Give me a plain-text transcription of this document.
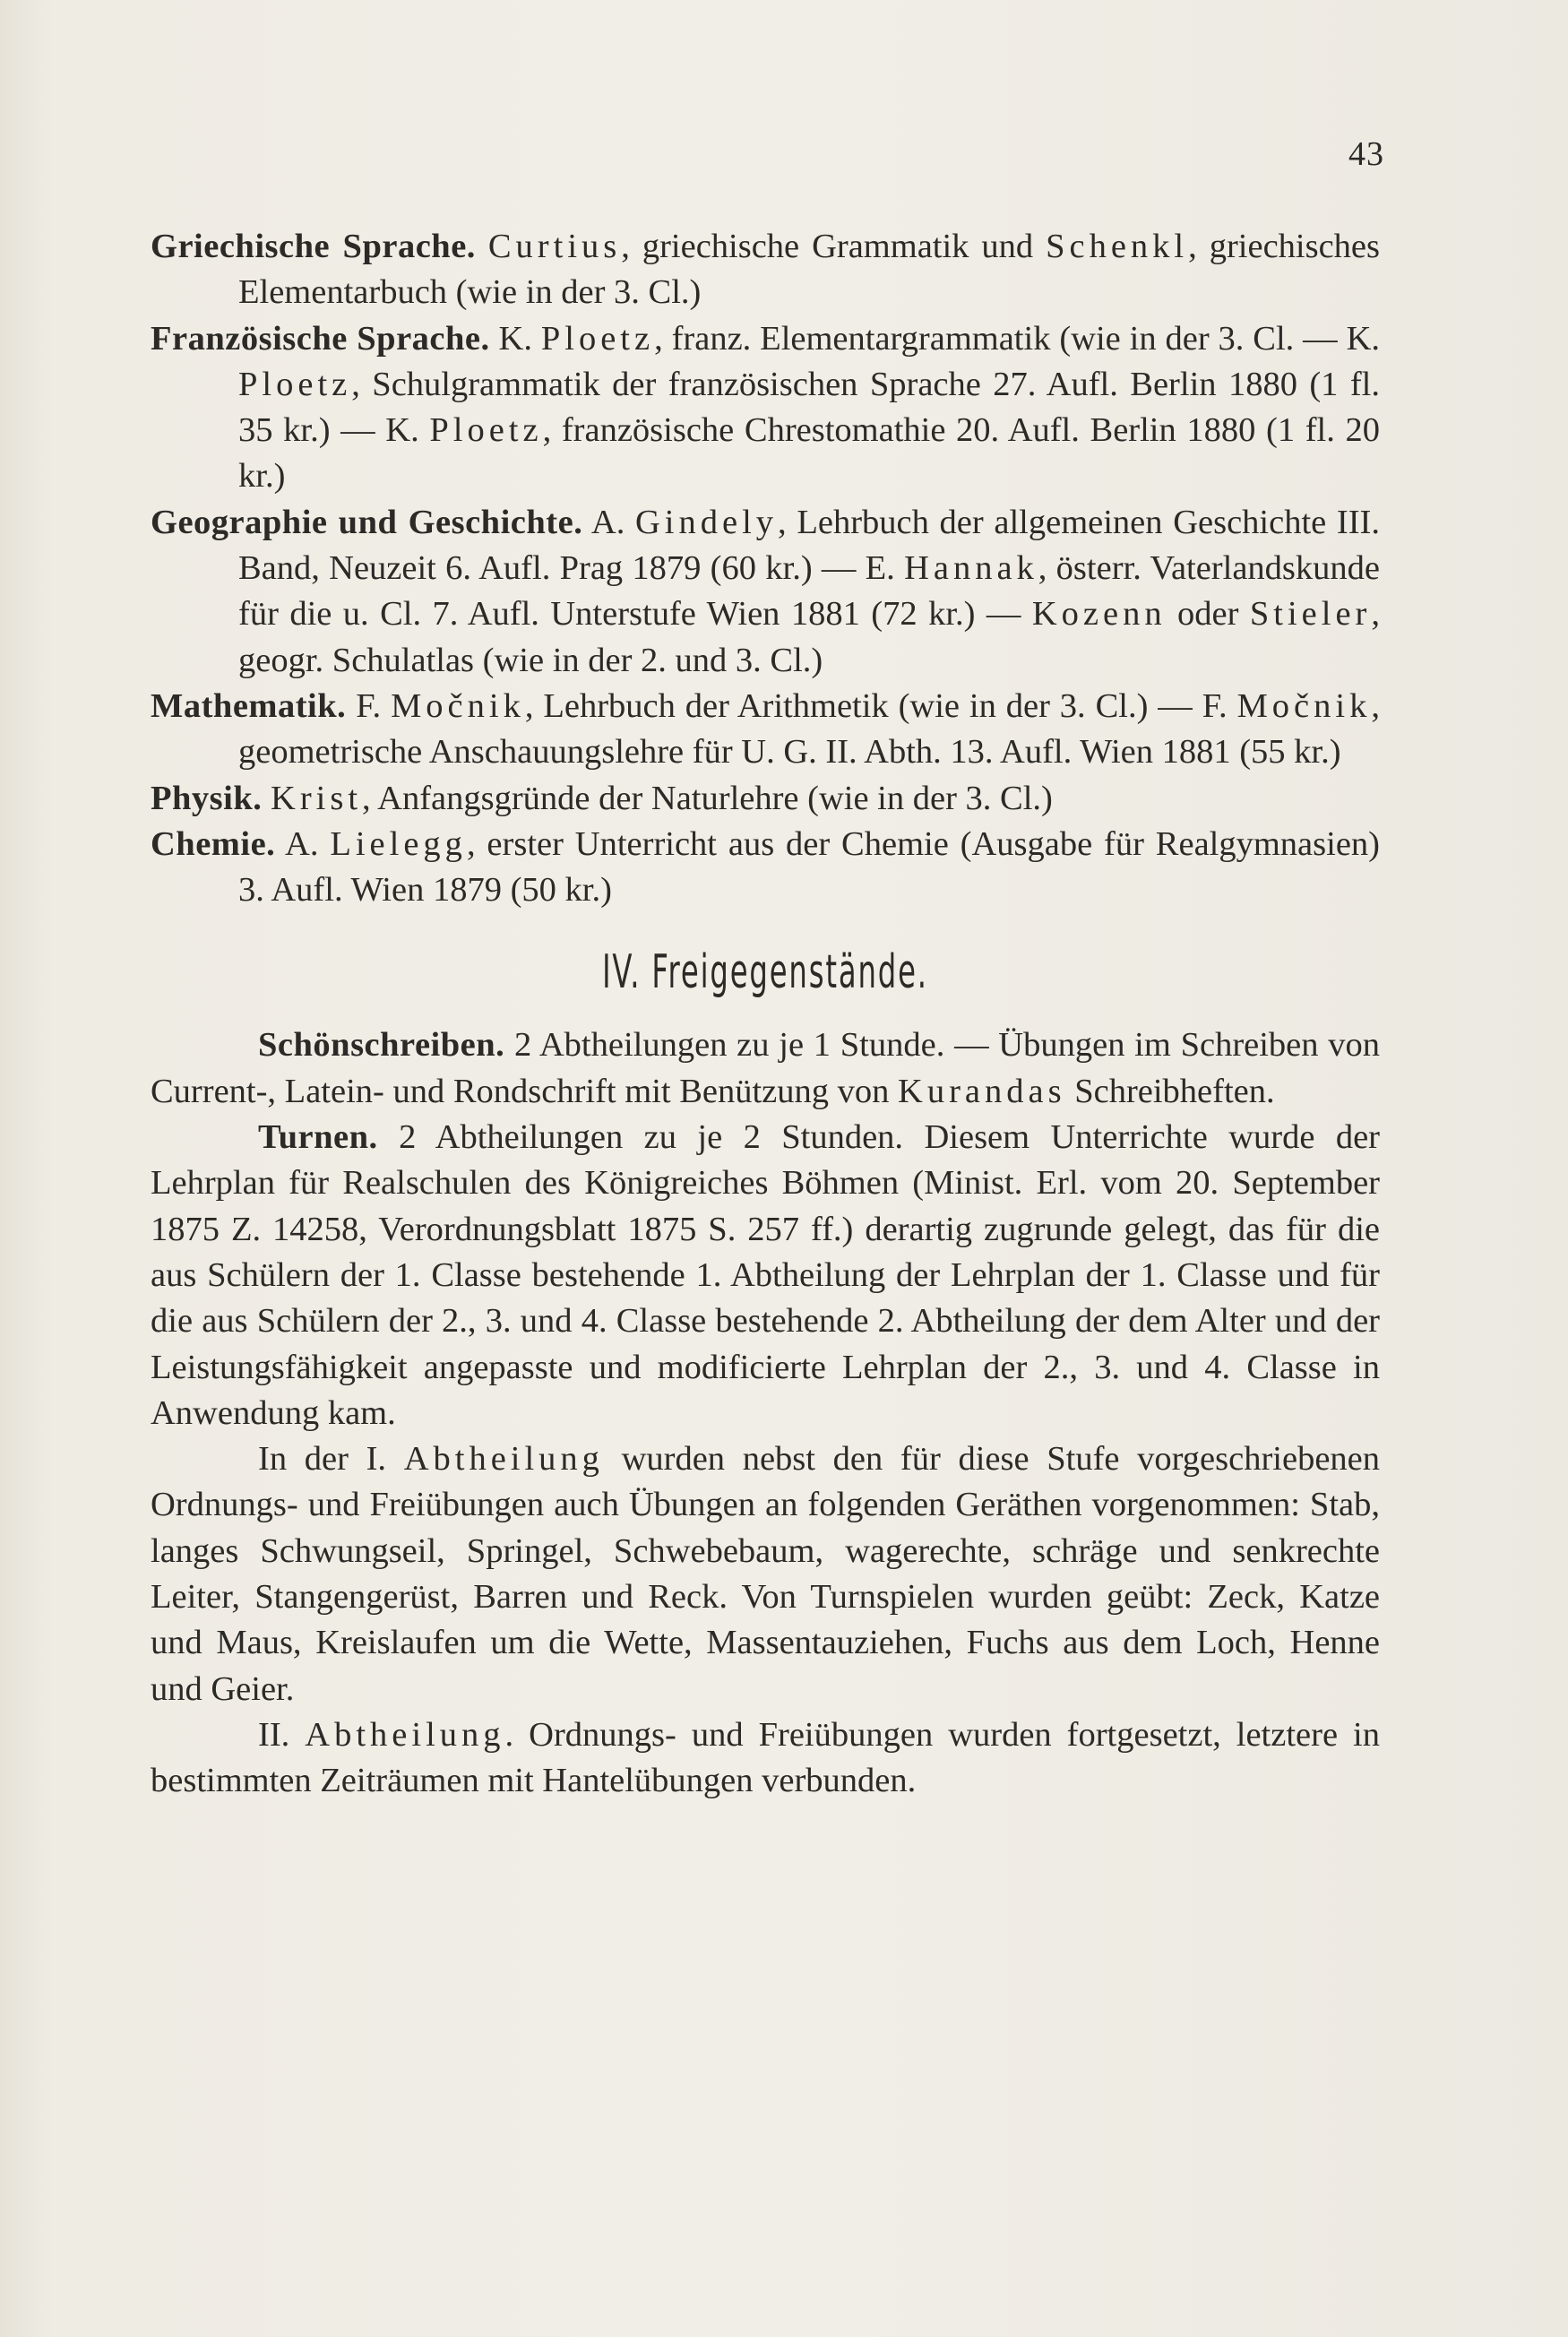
43

Griechische Sprache. Curtius, griechische Grammatik und Schenkl, griechisches Elementarbuch (wie in der 3. Cl.)

Französische Sprache. K. Ploetz, franz. Elementargrammatik (wie in der 3. Cl. — K. Ploetz, Schulgrammatik der französischen Sprache 27. Aufl. Berlin 1880 (1 fl. 35 kr.) — K. Ploetz, französische Chrestomathie 20. Aufl. Berlin 1880 (1 fl. 20 kr.)

Geographie und Geschichte. A. Gindely, Lehrbuch der allgemeinen Geschichte III. Band, Neuzeit 6. Aufl. Prag 1879 (60 kr.) — E. Hannak, österr. Vaterlandskunde für die u. Cl. 7. Aufl. Unterstufe Wien 1881 (72 kr.) — Kozenn oder Stieler, geogr. Schulatlas (wie in der 2. und 3. Cl.)

Mathematik. F. Močnik, Lehrbuch der Arithmetik (wie in der 3. Cl.) — F. Močnik, geometrische Anschauungslehre für U. G. II. Abth. 13. Aufl. Wien 1881 (55 kr.)

Physik. Krist, Anfangsgründe der Naturlehre (wie in der 3. Cl.)

Chemie. A. Lielegg, erster Unterricht aus der Chemie (Ausgabe für Realgymnasien) 3. Aufl. Wien 1879 (50 kr.)

IV. Freigegenstände.

Schönschreiben. 2 Abtheilungen zu je 1 Stunde. — Übungen im Schreiben von Current-, Latein- und Rondschrift mit Benützung von Kurandas Schreibheften.

Turnen. 2 Abtheilungen zu je 2 Stunden. Diesem Unterrichte wurde der Lehrplan für Realschulen des Königreiches Böhmen (Minist. Erl. vom 20. September 1875 Z. 14258, Verordnungsblatt 1875 S. 257 ff.) derartig zugrunde gelegt, das für die aus Schülern der 1. Classe bestehende 1. Abtheilung der Lehrplan der 1. Classe und für die aus Schülern der 2., 3. und 4. Classe bestehende 2. Abtheilung der dem Alter und der Leistungsfähigkeit angepasste und modificierte Lehrplan der 2., 3. und 4. Classe in Anwendung kam.

In der I. Abtheilung wurden nebst den für diese Stufe vorgeschriebenen Ordnungs- und Freiübungen auch Übungen an folgenden Geräthen vorgenommen: Stab, langes Schwungseil, Springel, Schwebebaum, wagerechte, schräge und senkrechte Leiter, Stangengerüst, Barren und Reck. Von Turnspielen wurden geübt: Zeck, Katze und Maus, Kreislaufen um die Wette, Massentauziehen, Fuchs aus dem Loch, Henne und Geier.

II. Abtheilung. Ordnungs- und Freiübungen wurden fortgesetzt, letztere in bestimmten Zeiträumen mit Hantelübungen verbunden.
